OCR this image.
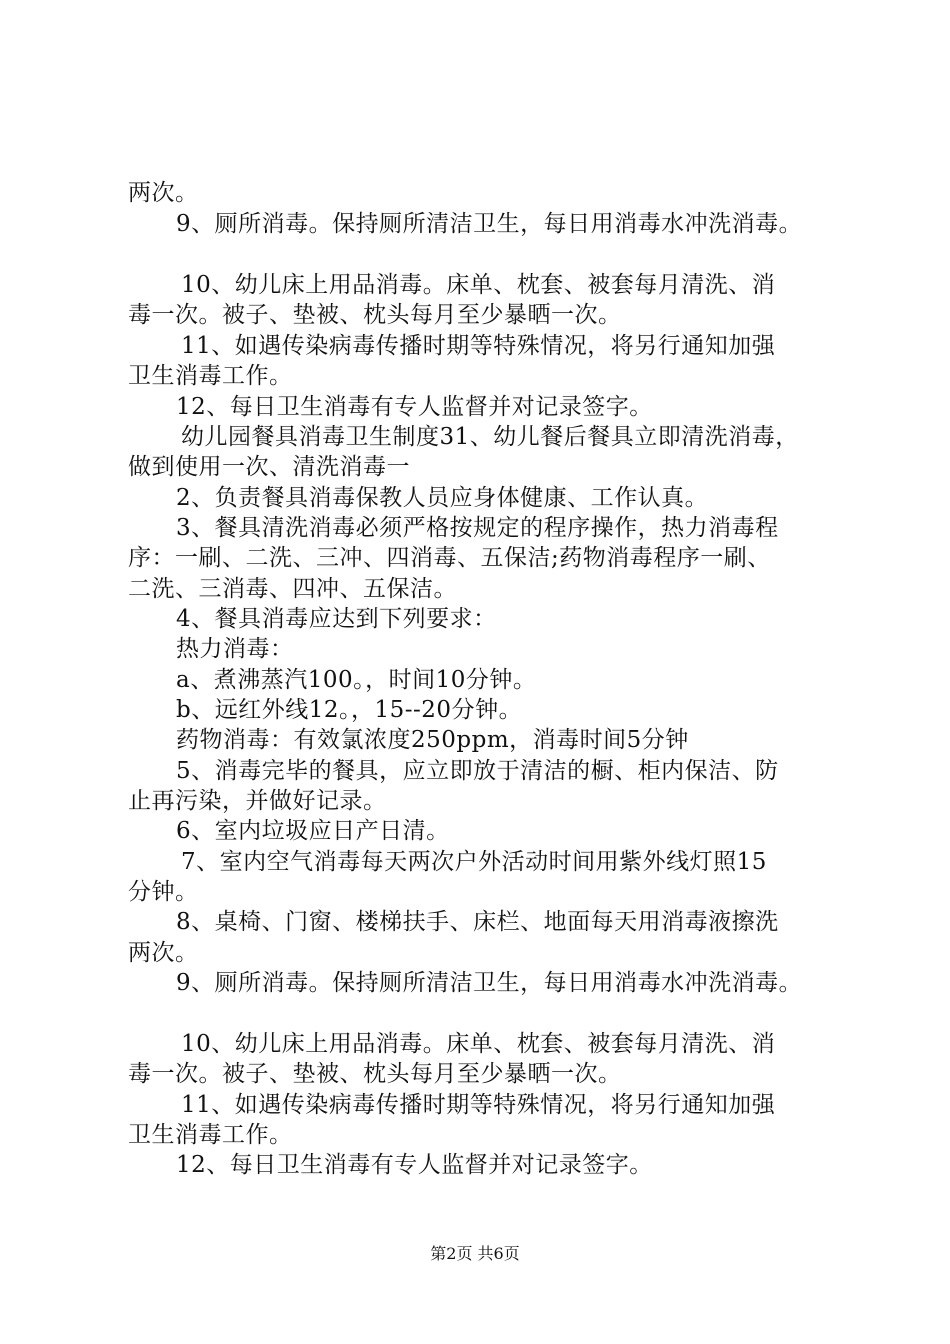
两次。
9、厕所消毒。保持厕所清洁卫生，每日用消毒水冲洗消毒。
10、幼儿床上用品消毒。床单、枕套、被套每月清洗、消
毒一次。被子、垫被、枕头每月至少暴晒一次。
11、如遇传染病毒传播时期等特殊情况，将另行通知加强
卫生消毒工作。
12、每日卫生消毒有专人监督并对记录签字。
幼儿园餐具消毒卫生制度31、幼儿餐后餐具立即清洗消毒，
做到使用一次、清洗消毒一
2、负责餐具消毒保教人员应身体健康、工作认真。
3、餐具清洗消毒必须严格按规定的程序操作，热力消毒程
序：一刷、二洗、三冲、四消毒、五保洁;药物消毒程序一刷、
二洗、三消毒、四冲、五保洁。
4、餐具消毒应达到下列要求：
热力消毒：
a、煮沸蒸汽100。，时间10分钟。
b、远红外线12。，15--20分钟。
药物消毒：有效氯浓度250ppm，消毒时间5分钟
5、消毒完毕的餐具，应立即放于清洁的橱、柜内保洁、防
止再污染，并做好记录。
6、室内垃圾应日产日清。
7、室内空气消毒每天两次户外活动时间用紫外线灯照15
分钟。
8、桌椅、门窗、楼梯扶手、床栏、地面每天用消毒液擦洗
两次。
9、厕所消毒。保持厕所清洁卫生，每日用消毒水冲洗消毒。
10、幼儿床上用品消毒。床单、枕套、被套每月清洗、消
毒一次。被子、垫被、枕头每月至少暴晒一次。
11、如遇传染病毒传播时期等特殊情况，将另行通知加强
卫生消毒工作。
12、每日卫生消毒有专人监督并对记录签字。
第2页 共6页
